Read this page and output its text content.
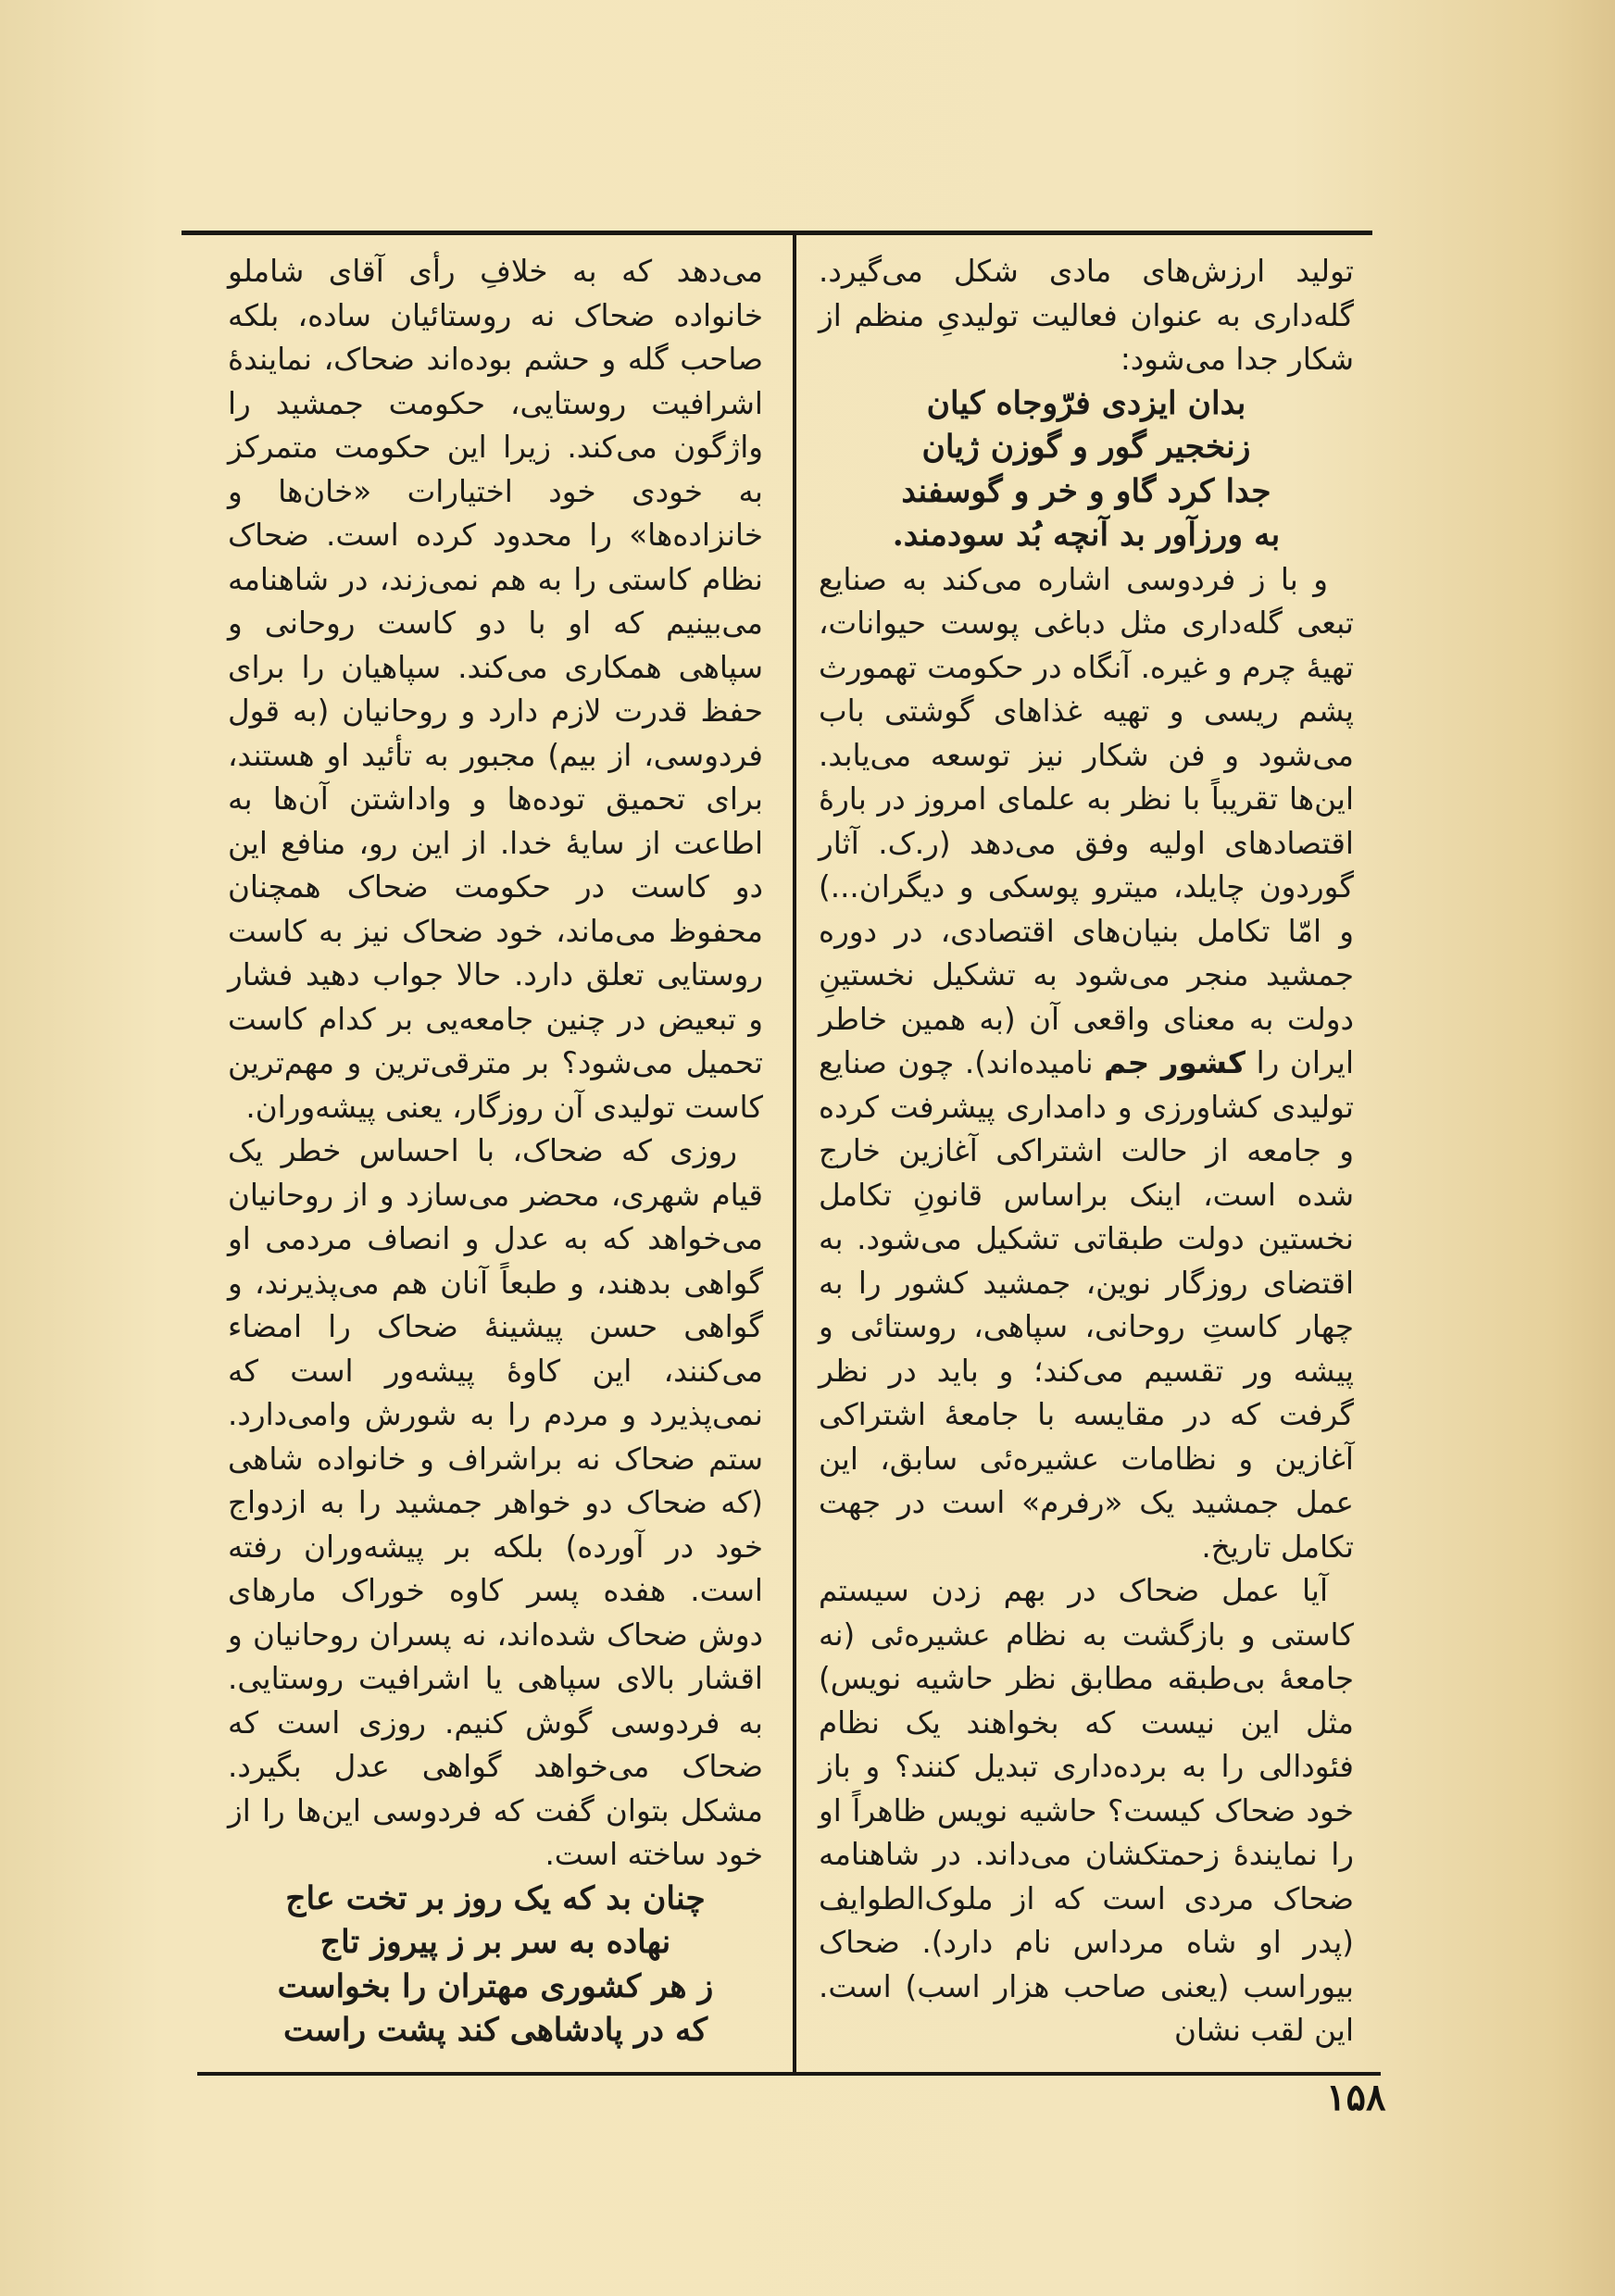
تولید ارزش‌های مادی شکل می‌گیرد. گله‌داری به عنوان فعالیت تولیدیِ منظم از شکار جدا می‌شود:

بدان ایزدی فرّوجاه کیان
زنخجیر گور و گوزن ژیان
جدا کرد گاو و خر و گوسفند
به ورزآور بد آنچه بُد سودمند.

و با ز فردوسی اشاره می‌کند به صنایع تبعی گله‌داری مثل دباغی پوست حیوانات، تهیهٔ چرم و غیره. آنگاه در حکومت تهمورث پشم ریسی و تهیه غذاهای گوشتی باب می‌شود و فن شکار نیز توسعه می‌یابد. این‌ها تقریباً با نظر به علمای امروز در بارهٔ اقتصادهای اولیه وفق می‌دهد (ر.ک. آثار گوردون چایلد، میترو پوسکی و دیگران...) و امّا تکامل بنیان‌های اقتصادی، در دوره جمشید منجر می‌شود به تشکیل نخستینِ دولت به معنای واقعی آن (به همین خاطر ایران را کشور جم نامیده‌اند). چون صنایع تولیدی کشاورزی و دامداری پیشرفت کرده و جامعه از حالت اشتراکی آغازین خارج شده است، اینک براساس قانونِ تکامل نخستین دولت طبقاتی تشکیل می‌شود. به اقتضای روزگار نوین، جمشید کشور را به چهار کاستِ روحانی، سپاهی، روستائی و پیشه ور تقسیم می‌کند؛ و باید در نظر گرفت که در مقایسه با جامعهٔ اشتراکی آغازین و نظامات عشیره‌ئی سابق، این عمل جمشید یک «رفرم» است در جهت تکامل تاریخ.

آیا عمل ضحاک در بهم زدن سیستم کاستی و بازگشت به نظام عشیره‌ئی (نه جامعهٔ بی‌طبقه مطابق نظر حاشیه نویس) مثل این نیست که بخواهند یک نظام فئودالی را به برده‌داری تبدیل کنند؟ و باز خود ضحاک کیست؟ حاشیه نویس ظاهراً او را نمایندهٔ زحمتکشان می‌داند. در شاهنامه ضحاک مردی است که از ملوک‌الطوایف (پدر او شاه مرداس نام دارد). ضحاک بیوراسب (یعنی صاحب هزار اسب) است. این لقب نشان

می‌دهد که به خلافِ رأی آقای شاملو خانواده ضحاک نه روستائیان ساده، بلکه صاحب گله و حشم بوده‌اند ضحاک، نمایندهٔ اشرافیت روستایی، حکومت جمشید را واژگون می‌کند. زیرا این حکومت متمرکز به خودی خود اختیارات «خان‌ها و خانزاده‌ها» را محدود کرده است. ضحاک نظام کاستی را به هم نمی‌زند، در شاهنامه می‌بینیم که او با دو کاست روحانی و سپاهی همکاری می‌کند. سپاهیان را برای حفظ قدرت لازم دارد و روحانیان (به قول فردوسی، از بیم) مجبور به تأئید او هستند، برای تحمیق توده‌ها و واداشتن آن‌ها به اطاعت از سایهٔ خدا. از این رو، منافع این دو کاست در حکومت ضحاک همچنان محفوظ می‌ماند، خود ضحاک نیز به کاست روستایی تعلق دارد. حالا جواب دهید فشار و تبعیض در چنین جامعه‌یی بر کدام کاست تحمیل می‌شود؟ بر مترقی‌ترین و مهم‌ترین کاست تولیدی آن روزگار، یعنی پیشه‌وران.

روزی که ضحاک، با احساس خطر یک قیام شهری، محضر می‌سازد و از روحانیان می‌خواهد که به عدل و انصاف مردمی او گواهی بدهند، و طبعاً آنان هم می‌پذیرند، و گواهی حسن پیشینهٔ ضحاک را امضاء می‌کنند، این کاوهٔ پیشه‌ور است که نمی‌پذیرد و مردم را به شورش وامی‌دارد. ستم ضحاک نه براشراف و خانواده شاهی (که ضحاک دو خواهر جمشید را به ازدواج خود در آورده) بلکه بر پیشه‌وران رفته است. هفده پسر کاوه خوراک مارهای دوش ضحاک شده‌اند، نه پسران روحانیان و اقشار بالای سپاهی یا اشرافیت روستایی. به فردوسی گوش کنیم. روزی است که ضحاک می‌خواهد گواهی عدل بگیرد. مشکل بتوان گفت که فردوسی این‌ها را از خود ساخته است.

چنان بد که یک روز بر تخت عاج
نهاده به سر بر ز پیروز تاج
ز هر کشوری مهتران را بخواست
که در پادشاهی کند پشت راست
۱۵۸
